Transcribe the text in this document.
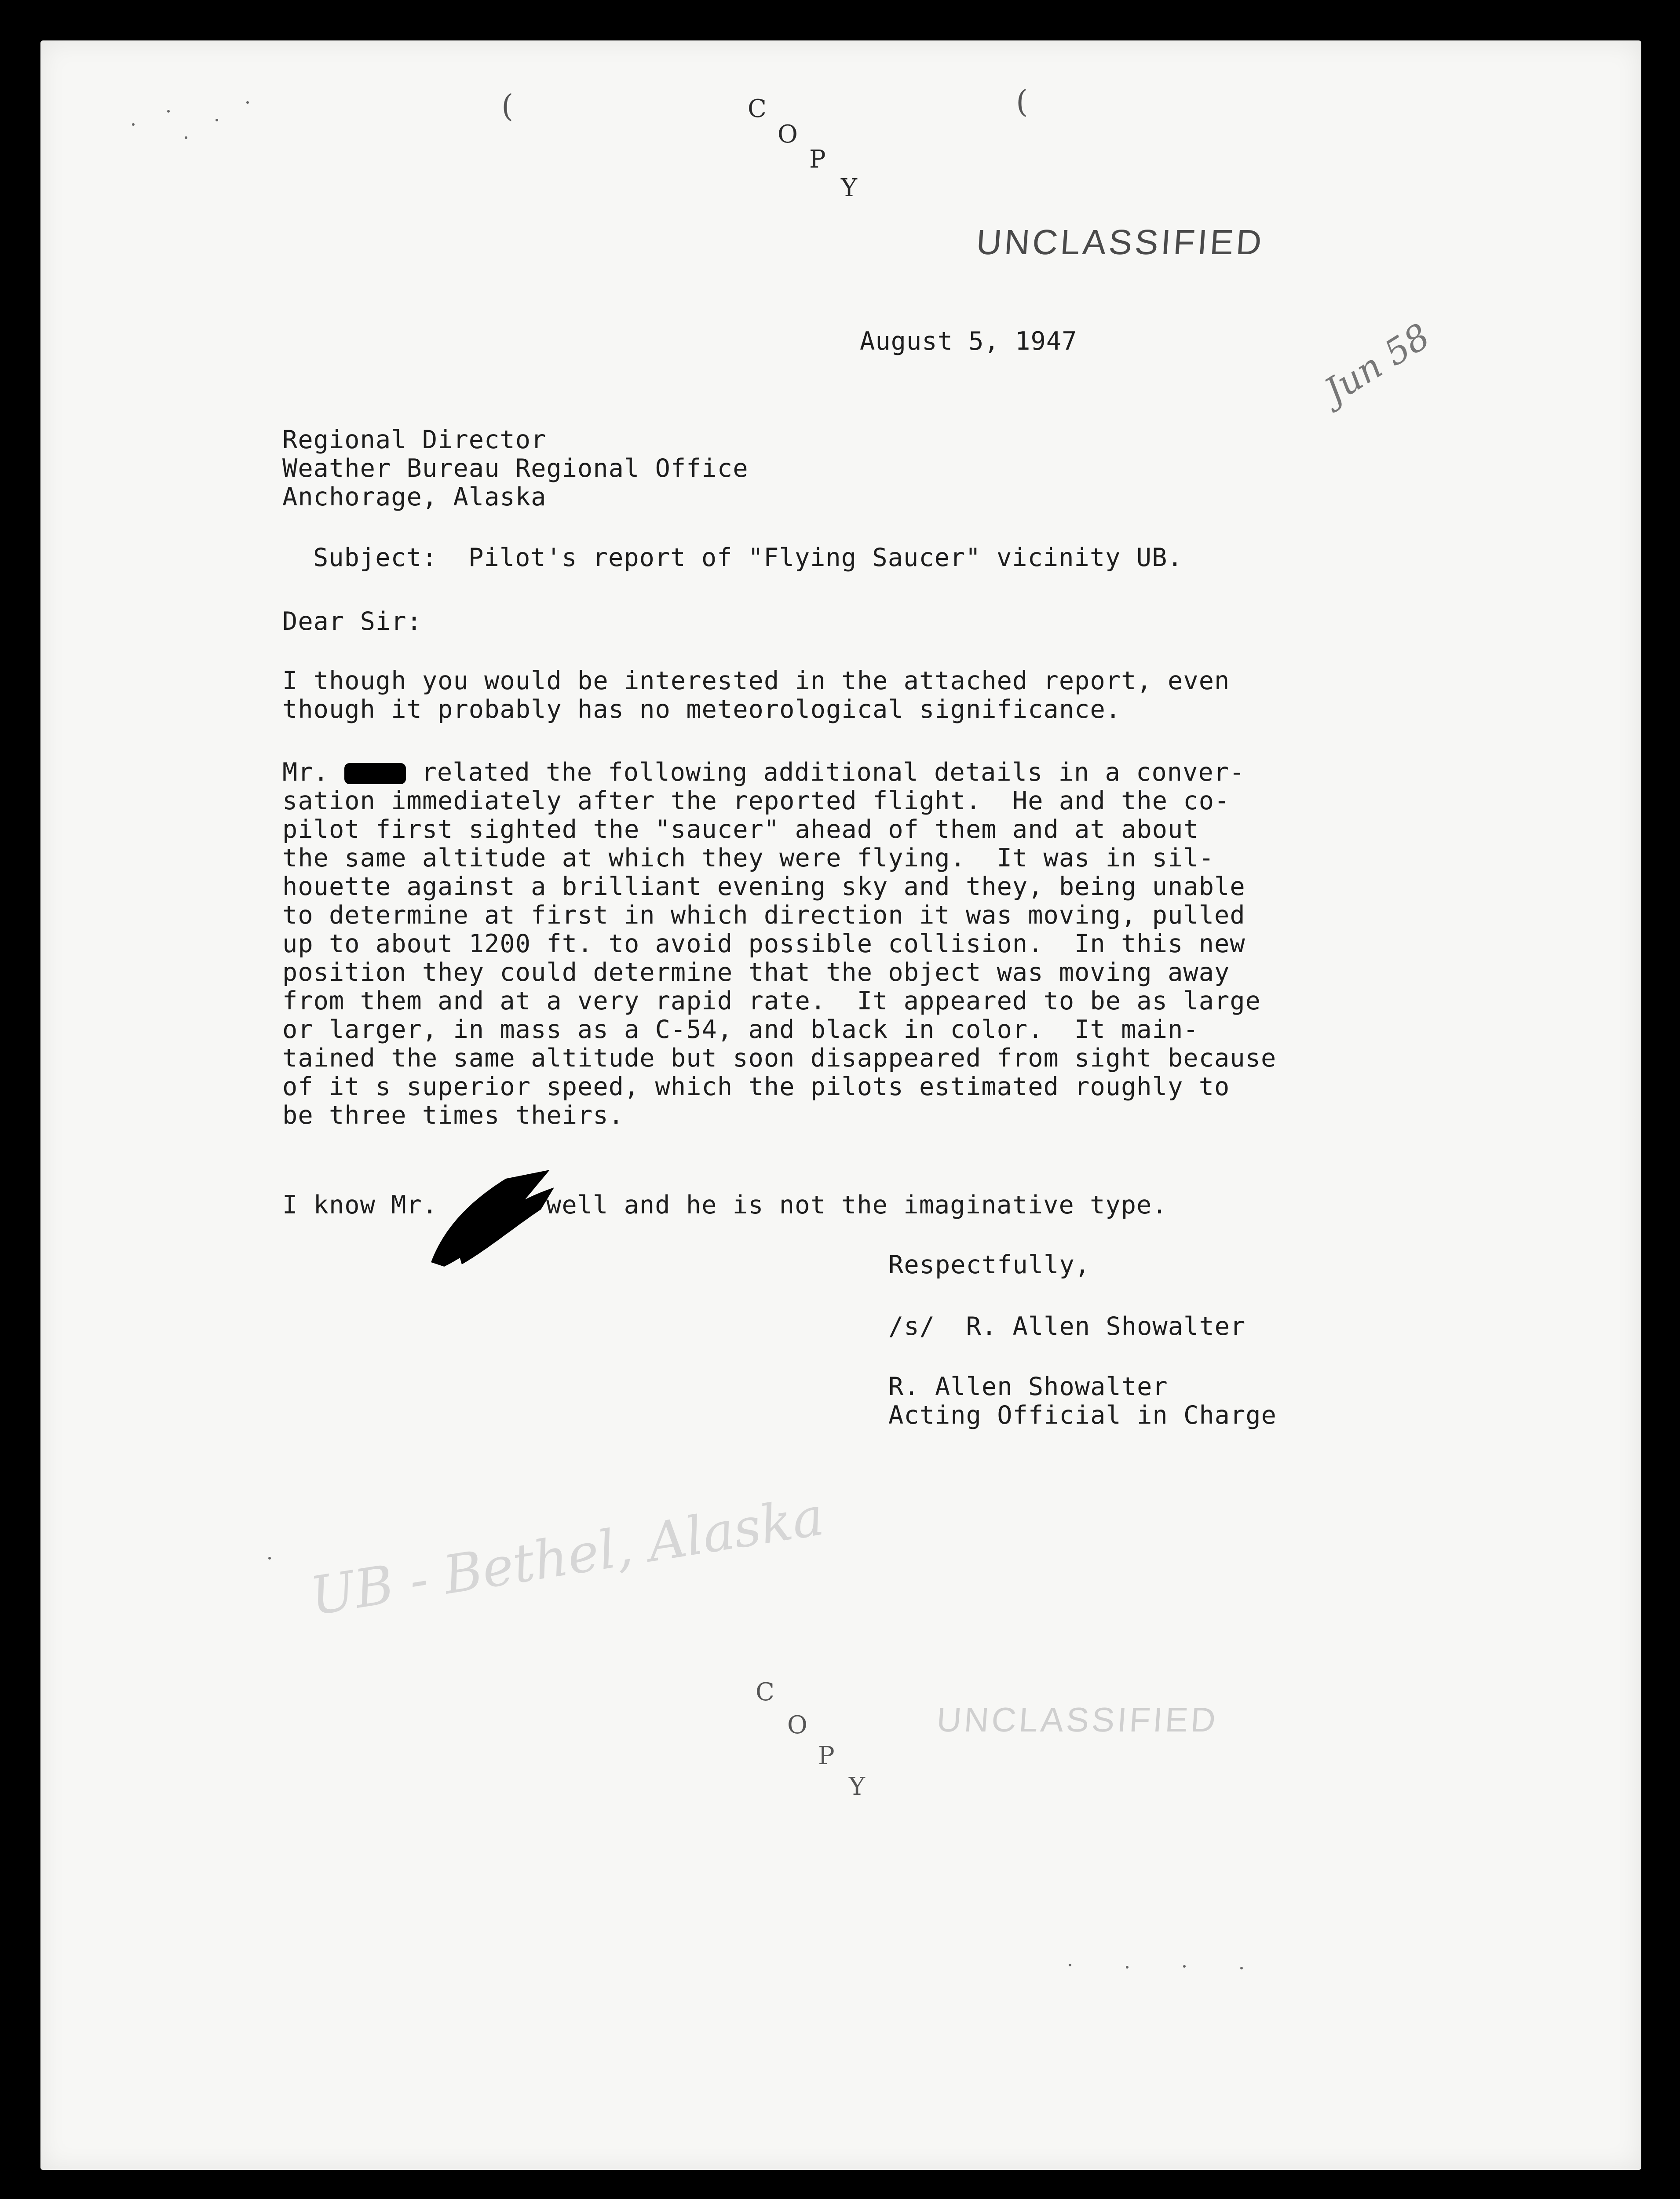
(	(
C
O
P
Y
UNCLASSIFIED
August 5, 1947	Jun 58
Regional Director
Weather Bureau Regional Office
Anchorage, Alaska
Subject:  Pilot's report of "Flying Saucer" vicinity UB.
Dear Sir:
I though you would be interested in the attached report, even
though it probably has no meteorological significance.
Mr.  related the following additional details in a conver-
sation immediately after the reported flight.  He and the co-
pilot first sighted the "saucer" ahead of them and at about
the same altitude at which they were flying.  It was in sil-
houette against a brilliant evening sky and they, being unable
to determine at first in which direction it was moving, pulled
up to about 1200 ft. to avoid possible collision.  In this new
position they could determine that the object was moving away
from them and at a very rapid rate.  It appeared to be as large
or larger, in mass as a C-54, and black in color.  It main-
tained the same altitude but soon disappeared from sight because
of it s superior speed, which the pilots estimated roughly to
be three times theirs.
I know Mr.	well and he is not the imaginative type.
Respectfully,
/s/  R. Allen Showalter
R. Allen Showalter
Acting Official in Charge
UB - Bethel, Alaska
C
O
P
Y
UNCLASSIFIED
